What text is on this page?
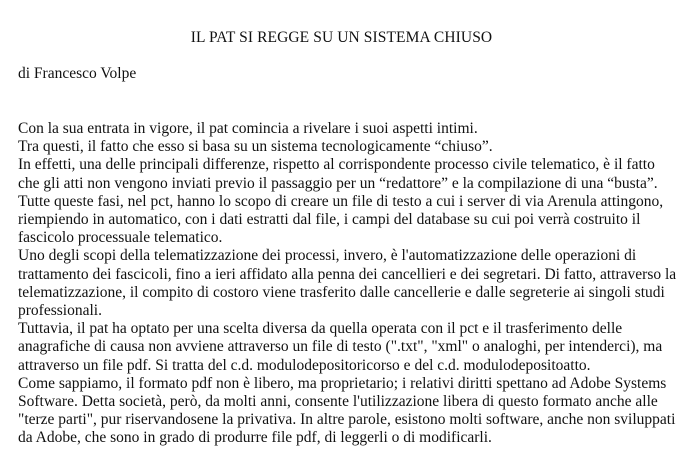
IL PAT SI REGGE SU UN SISTEMA CHIUSO
di Francesco Volpe

Con la sua entrata in vigore, il pat comincia a rivelare i suoi aspetti intimi.

Tra questi, il fatto che esso si basa su un sistema tecnologicamente “chiuso”.

In effetti, una delle principali differenze, rispetto al corrispondente processo civile telematico, è il fatto che gli atti non vengono inviati previo il passaggio per un “redattore” e la compilazione di una “busta”. Tutte queste fasi, nel pct, hanno lo scopo di creare un file di testo a cui i server di via Arenula attingono, riempiendo in automatico, con i dati estratti dal file, i campi del database su cui poi verrà costruito il fascicolo processuale telematico.

Uno degli scopi della telematizzazione dei processi, invero, è l'automatizzazione delle operazioni di trattamento dei fascicoli, fino a ieri affidato alla penna dei cancellieri e dei segretari. Di fatto, attraverso la telematizzazione, il compito di costoro viene trasferito dalle cancellerie e dalle segreterie ai singoli studi professionali.

Tuttavia, il pat ha optato per una scelta diversa da quella operata con il pct e il trasferimento delle anagrafiche di causa non avviene attraverso un file di testo (".txt", "xml" o analoghi, per intenderci), ma attraverso un file pdf. Si tratta del c.d. modulodepositoricorso e del c.d. modulodepositoatto.

Come sappiamo, il formato pdf non è libero, ma proprietario; i relativi diritti spettano ad Adobe Systems Software. Detta società, però, da molti anni, consente l'utilizzazione libera di questo formato anche alle "terze parti", pur riservandosene la privativa. In altre parole, esistono molti software, anche non sviluppati da Adobe, che sono in grado di produrre file pdf, di leggerli o di modificarli.
